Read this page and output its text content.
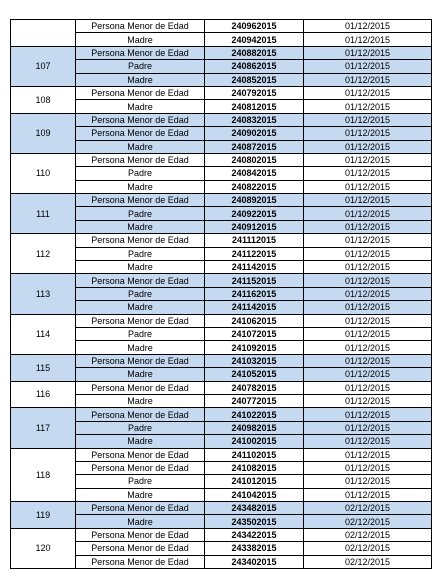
	Persona Menor de Edad	240962015	01/12/2015
	Madre	240942015	01/12/2015
107	Persona Menor de Edad	240882015	01/12/2015
	Padre	240862015	01/12/2015
	Madre	240852015	01/12/2015
108	Persona Menor de Edad	240792015	01/12/2015
	Madre	240812015	01/12/2015
109	Persona Menor de Edad	240832015	01/12/2015
	Persona Menor de Edad	240902015	01/12/2015
	Madre	240872015	01/12/2015
110	Persona Menor de Edad	240802015	01/12/2015
	Padre	240842015	01/12/2015
	Madre	240822015	01/12/2015
111	Persona Menor de Edad	240892015	01/12/2015
	Padre	240922015	01/12/2015
	Madre	240912015	01/12/2015
112	Persona Menor de Edad	241112015	01/12/2015
	Padre	241122015	01/12/2015
	Madre	241142015	01/12/2015
113	Persona Menor de Edad	241152015	01/12/2015
	Padre	241162015	01/12/2015
	Madre	241142015	01/12/2015
114	Persona Menor de Edad	241062015	01/12/2015
	Padre	241072015	01/12/2015
	Madre	241092015	01/12/2015
115	Persona Menor de Edad	241032015	01/12/2015
	Madre	241052015	01/12/2015
116	Persona Menor de Edad	240782015	01/12/2015
	Madre	240772015	01/12/2015
117	Persona Menor de Edad	241022015	01/12/2015
	Padre	240982015	01/12/2015
	Madre	241002015	01/12/2015
118	Persona Menor de Edad	241102015	01/12/2015
	Persona Menor de Edad	241082015	01/12/2015
	Padre	241012015	01/12/2015
	Madre	241042015	01/12/2015
119	Persona Menor de Edad	243482015	02/12/2015
	Madre	243502015	02/12/2015
120	Persona Menor de Edad	243422015	02/12/2015
	Persona Menor de Edad	243382015	02/12/2015
	Persona Menor de Edad	243402015	02/12/2015
